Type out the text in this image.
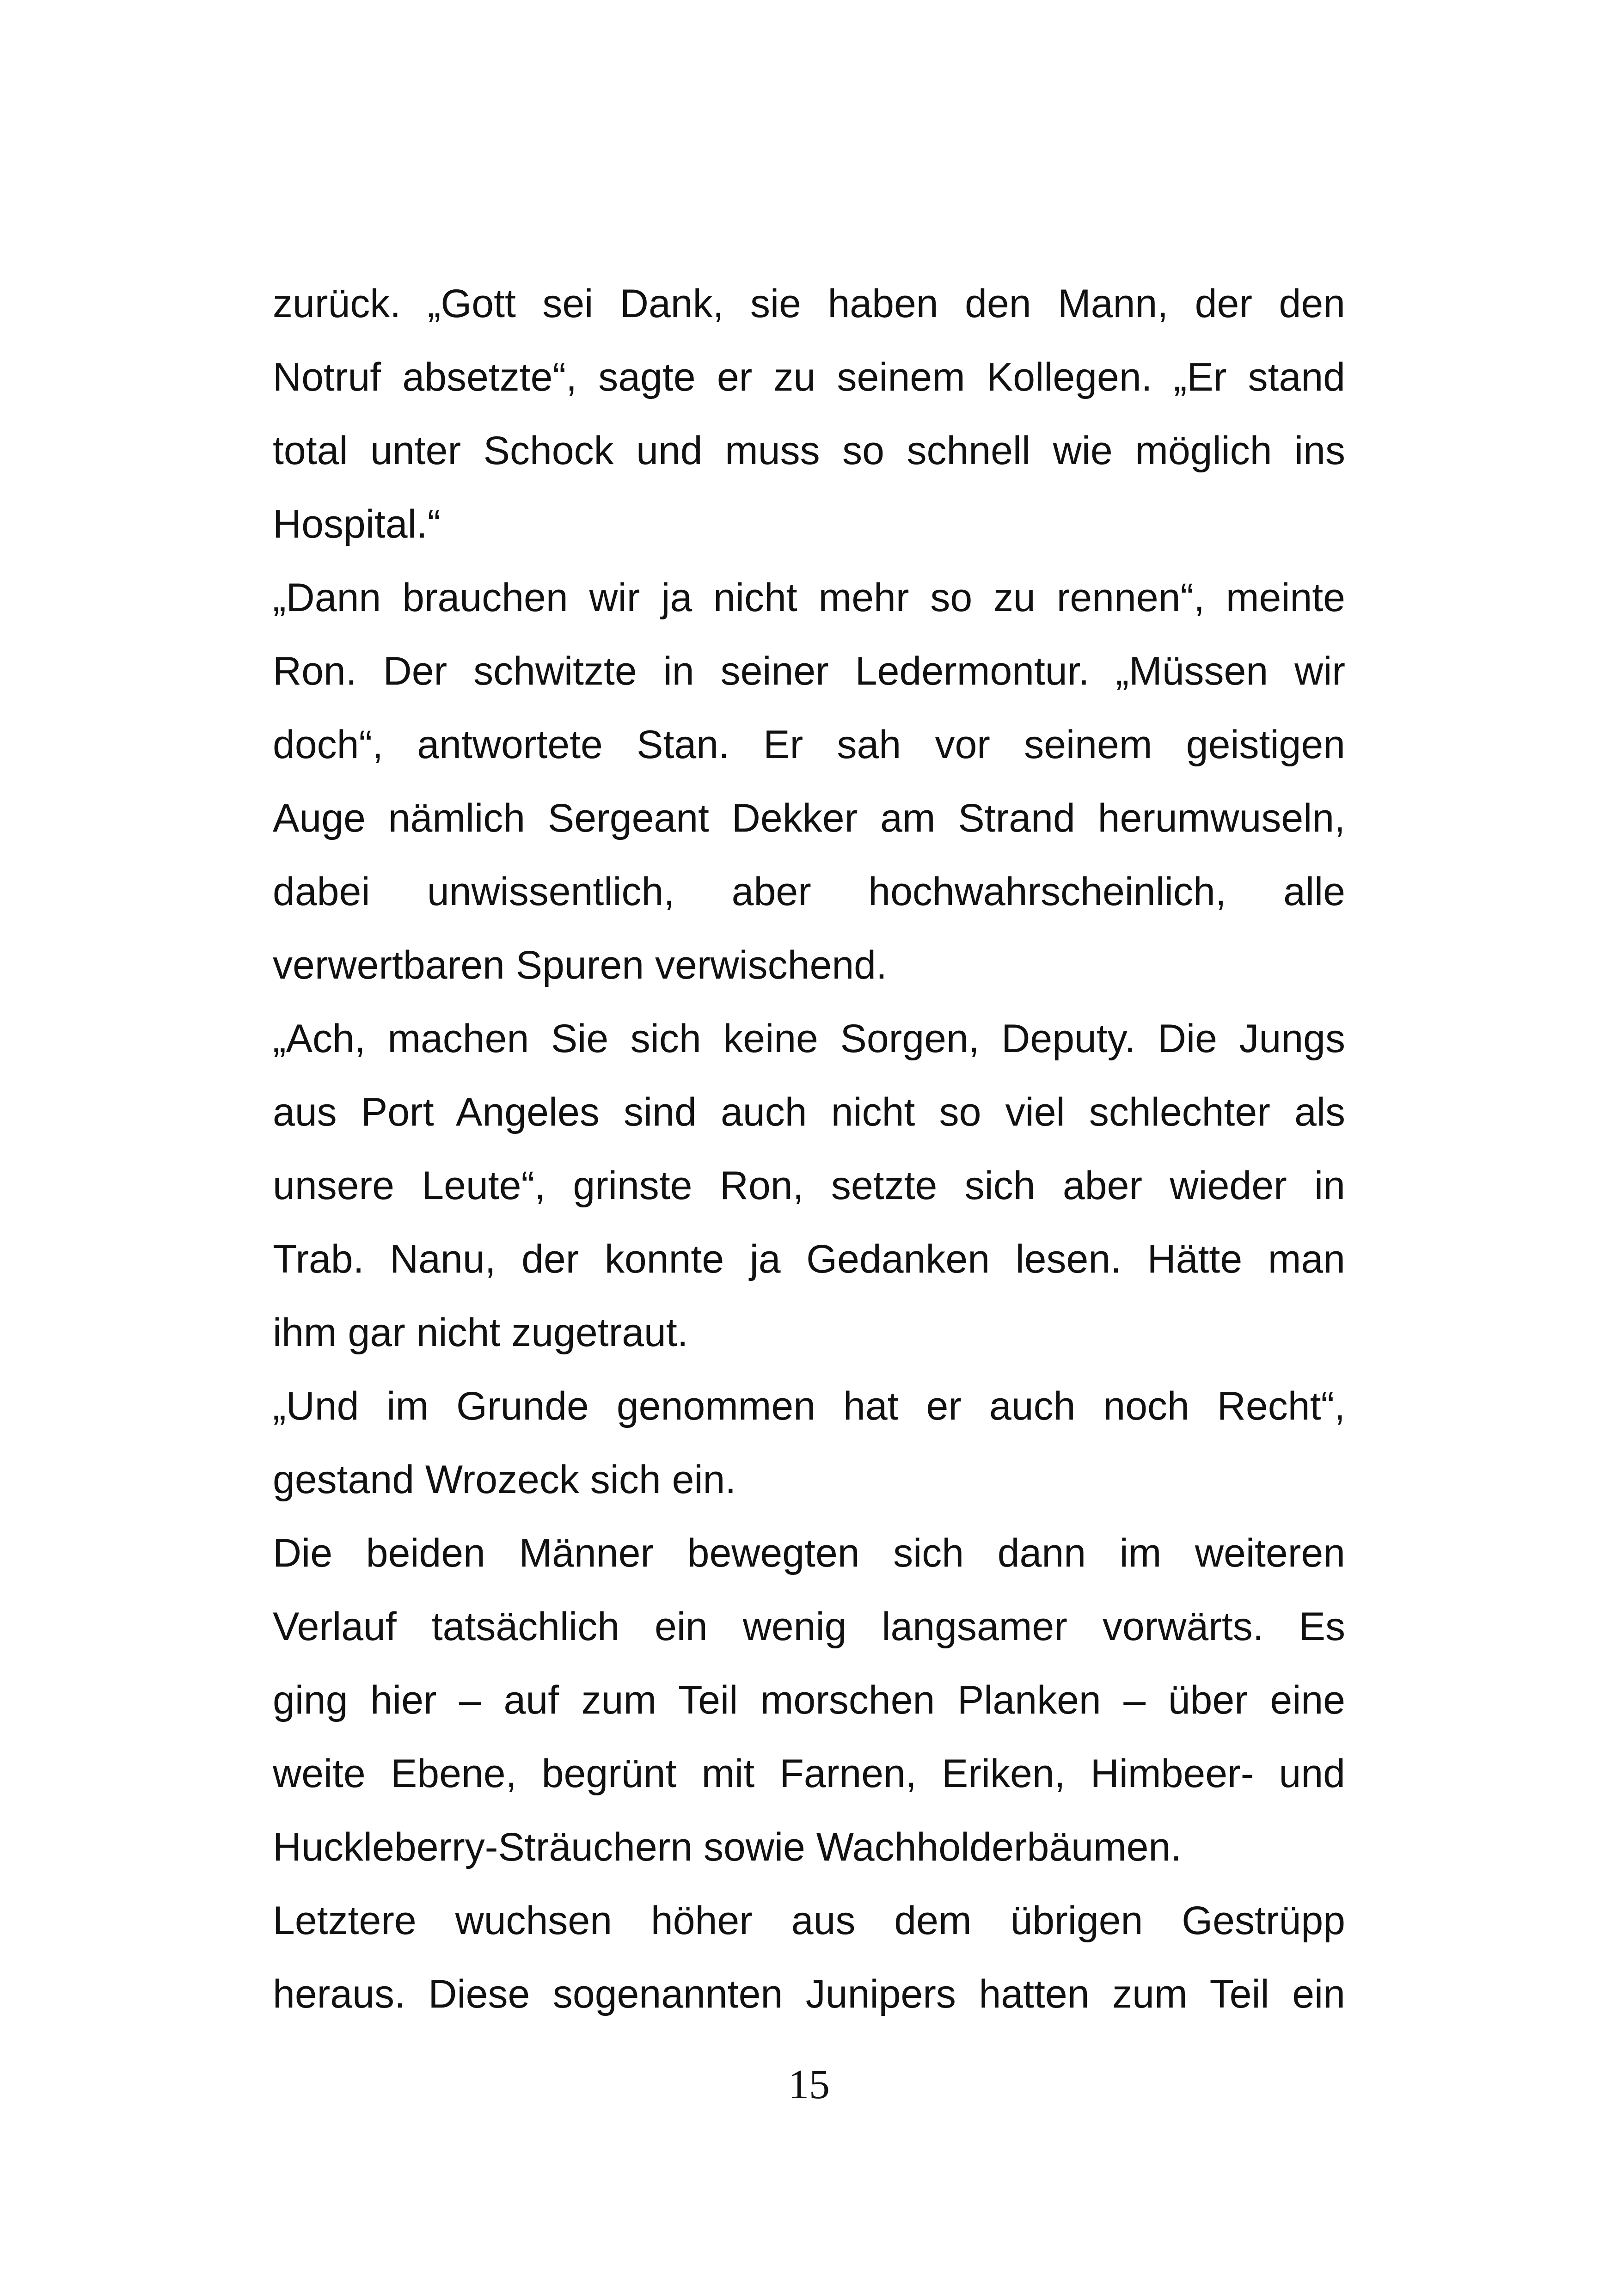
zurück. „Gott sei Dank, sie haben den Mann, der den
Notruf absetzte“, sagte er zu seinem Kollegen. „Er stand
total unter Schock und muss so schnell wie möglich ins
Hospital.“
„Dann brauchen wir ja nicht mehr so zu rennen“, meinte
Ron. Der schwitzte in seiner Ledermontur. „Müssen wir
doch“, antwortete Stan. Er sah vor seinem geistigen
Auge nämlich Sergeant Dekker am Strand herumwuseln,
dabei unwissentlich, aber hochwahrscheinlich, alle
verwertbaren Spuren verwischend.
„Ach, machen Sie sich keine Sorgen, Deputy. Die Jungs
aus Port Angeles sind auch nicht so viel schlechter als
unsere Leute“, grinste Ron, setzte sich aber wieder in
Trab. Nanu, der konnte ja Gedanken lesen. Hätte man
ihm gar nicht zugetraut.
„Und im Grunde genommen hat er auch noch Recht“,
gestand Wrozeck sich ein.
Die beiden Männer bewegten sich dann im weiteren
Verlauf tatsächlich ein wenig langsamer vorwärts. Es
ging hier – auf zum Teil morschen Planken – über eine
weite Ebene, begrünt mit Farnen, Eriken, Himbeer- und
Huckleberry-Sträuchern sowie Wachholderbäumen.
Letztere wuchsen höher aus dem übrigen Gestrüpp
heraus. Diese sogenannten Junipers hatten zum Teil ein
15
